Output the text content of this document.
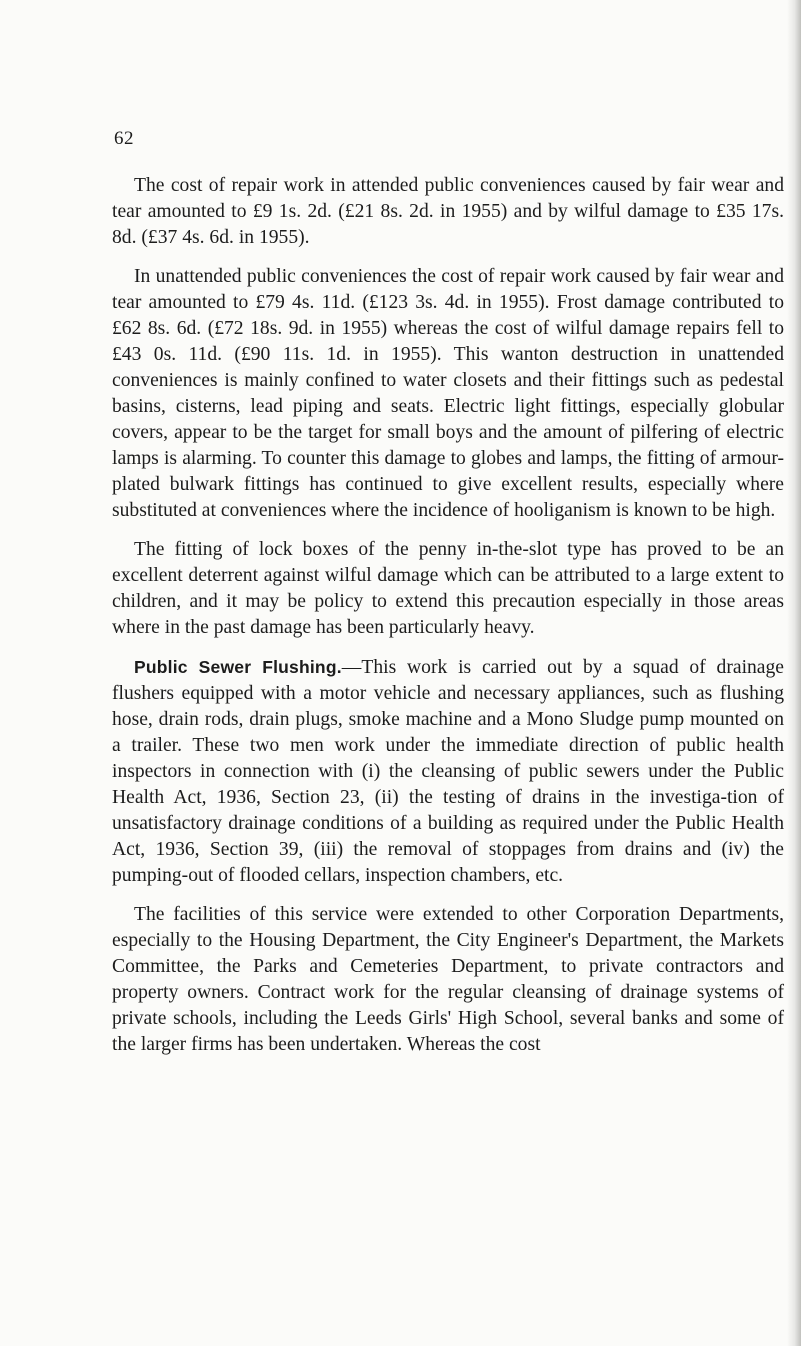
62

The cost of repair work in attended public conveniences caused by fair wear and tear amounted to £9 1s. 2d. (£21 8s. 2d. in 1955) and by wilful damage to £35 17s. 8d. (£37 4s. 6d. in 1955).

In unattended public conveniences the cost of repair work caused by fair wear and tear amounted to £79 4s. 11d. (£123 3s. 4d. in 1955). Frost damage contributed to £62 8s. 6d. (£72 18s. 9d. in 1955) whereas the cost of wilful damage repairs fell to £43 0s. 11d. (£90 11s. 1d. in 1955). This wanton destruction in unattended conveniences is mainly confined to water closets and their fittings such as pedestal basins, cisterns, lead piping and seats. Electric light fittings, especially globular covers, appear to be the target for small boys and the amount of pilfering of electric lamps is alarming. To counter this damage to globes and lamps, the fitting of armour-plated bulwark fittings has continued to give excellent results, especially where substituted at conveniences where the incidence of hooliganism is known to be high.

The fitting of lock boxes of the penny in-the-slot type has proved to be an excellent deterrent against wilful damage which can be attributed to a large extent to children, and it may be policy to extend this precaution especially in those areas where in the past damage has been particularly heavy.

Public Sewer Flushing.—This work is carried out by a squad of drainage flushers equipped with a motor vehicle and necessary appliances, such as flushing hose, drain rods, drain plugs, smoke machine and a Mono Sludge pump mounted on a trailer. These two men work under the immediate direction of public health inspectors in connection with (i) the cleansing of public sewers under the Public Health Act, 1936, Section 23, (ii) the testing of drains in the investiga-tion of unsatisfactory drainage conditions of a building as required under the Public Health Act, 1936, Section 39, (iii) the removal of stoppages from drains and (iv) the pumping-out of flooded cellars, inspection chambers, etc.

The facilities of this service were extended to other Corporation Departments, especially to the Housing Department, the City Engineer's Department, the Markets Committee, the Parks and Cemeteries Department, to private contractors and property owners. Contract work for the regular cleansing of drainage systems of private schools, including the Leeds Girls' High School, several banks and some of the larger firms has been undertaken. Whereas the cost
